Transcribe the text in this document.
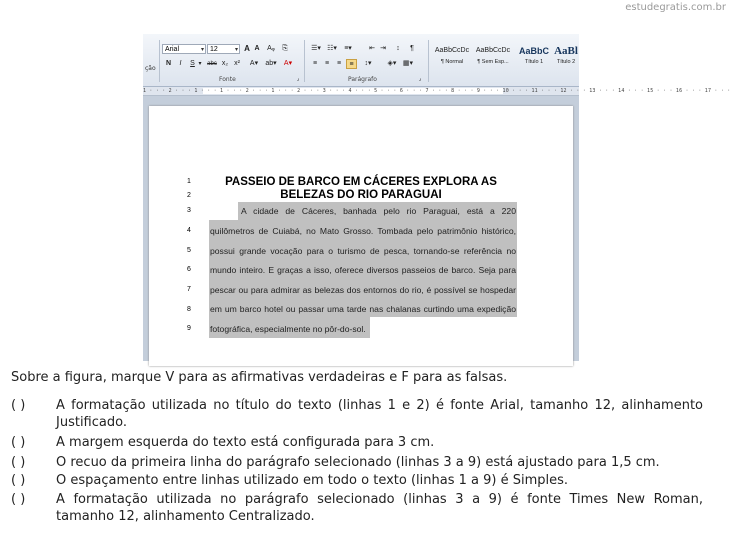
estudegratis.com.br
ção
Arial	▾ 12	▾ A A	Aᵩ	⎘
N	I	S ▾ abc x₂ x²	A▾	ab▾	A▾
Fonte	⌟
☰▾ ☷▾	≡▾	⇤ ⇥	↕	¶
≡	≡	≡	≡	↕▾	◈▾ ▦▾
Parágrafo	⌟
AaBbCcDc
¶ Normal
AaBbCcDc
¶ Sem Esp...
AaBbC
Título 1
AaBl
Título 2
1 · · · 2 · · · 1 · · · 1 · · · 2 · · · 1 · · · 2 · · · 3 · · · 4 · · · 5 · · · 6 · · · 7 · · · 8 · · · 9 · · · 10 · · · 11 · · · 12 · · · 13 · · · 14 · · · 15 · · · 16 · · · 17 · · ·
1
2
3
4
5
6
7
8
9
PASSEIO DE BARCO EM CÁCERES EXPLORA AS
BELEZAS DO RIO PARAGUAI
A cidade de Cáceres, banhada pelo rio Paraguai, está a 220
quilômetros de Cuiabá, no Mato Grosso. Tombada pelo patrimônio histórico,
possui grande vocação para o turismo de pesca, tornando-se referência no
mundo inteiro. E graças a isso, oferece diversos passeios de barco. Seja para
pescar ou para admirar as belezas dos entornos do rio, é possível se hospedar
em um barco hotel ou passar uma tarde nas chalanas curtindo uma expedição
fotográfica, especialmente no pôr-do-sol.
Sobre a figura, marque V para as afirmativas verdadeiras e F para as falsas.
( ) A formatação utilizada no título do texto (linhas 1 e 2) é fonte Arial, tamanho 12, alinhamento Justificado.
( ) A margem esquerda do texto está configurada para 3 cm.
( ) O recuo da primeira linha do parágrafo selecionado (linhas 3 a 9) está ajustado para 1,5 cm.
( ) O espaçamento entre linhas utilizado em todo o texto (linhas 1 a 9) é Simples.
( ) A formatação utilizada no parágrafo selecionado (linhas 3 a 9) é fonte Times New Roman, tamanho 12, alinhamento Centralizado.
